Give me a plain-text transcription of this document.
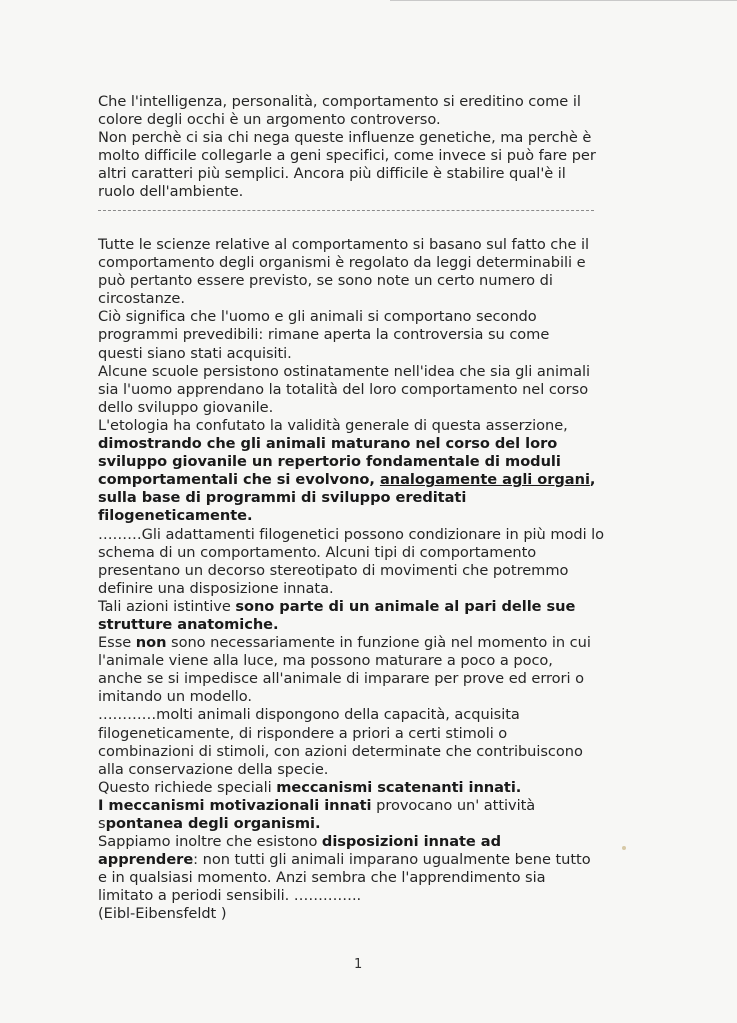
Che l'intelligenza, personalità, comportamento si ereditino come il
colore degli occhi è un argomento controverso.
Non perchè ci sia chi nega queste influenze genetiche, ma perchè è
molto difficile collegarle a geni specifici, come invece si può fare per
altri caratteri più semplici. Ancora più difficile è stabilire qual'è il
ruolo dell'ambiente.
Tutte le scienze relative al comportamento si basano sul fatto che il
comportamento degli organismi è regolato da leggi determinabili e
può pertanto essere previsto, se sono note un certo numero di
circostanze.
Ciò significa che l'uomo e gli animali si comportano secondo
programmi prevedibili: rimane aperta la controversia su come
questi siano stati acquisiti.
Alcune scuole persistono ostinatamente nell'idea che sia gli animali
sia l'uomo apprendano la totalità del loro comportamento nel corso
dello sviluppo giovanile.
L'etologia ha confutato la validità generale di questa asserzione,
dimostrando che gli animali maturano nel corso del loro
sviluppo giovanile un repertorio fondamentale di moduli
comportamentali che si evolvono, analogamente agli organi,
sulla base di programmi di sviluppo ereditati
filogeneticamente.
………Gli adattamenti filogenetici possono condizionare in più modi lo
schema di un comportamento. Alcuni tipi di comportamento
presentano un decorso stereotipato di movimenti che potremmo
definire una disposizione innata.
Tali azioni istintive sono parte di un animale al pari delle sue
strutture anatomiche.
Esse non sono necessariamente in funzione già nel momento in cui
l'animale viene alla luce, ma possono maturare a poco a poco,
anche se si impedisce all'animale di imparare per prove ed errori o
imitando un modello.
…………molti animali dispongono della capacità, acquisita
filogeneticamente, di rispondere a priori a certi stimoli o
combinazioni di stimoli, con azioni determinate che contribuiscono
alla conservazione della specie.
Questo richiede speciali meccanismi scatenanti innati.
I meccanismi motivazionali innati provocano un' attività
spontanea degli organismi.
Sappiamo inoltre che esistono disposizioni innate ad
apprendere: non tutti gli animali imparano ugualmente bene tutto
e in qualsiasi momento. Anzi sembra che l'apprendimento sia
limitato a periodi sensibili. …………..
(Eibl-Eibensfeldt )
1
